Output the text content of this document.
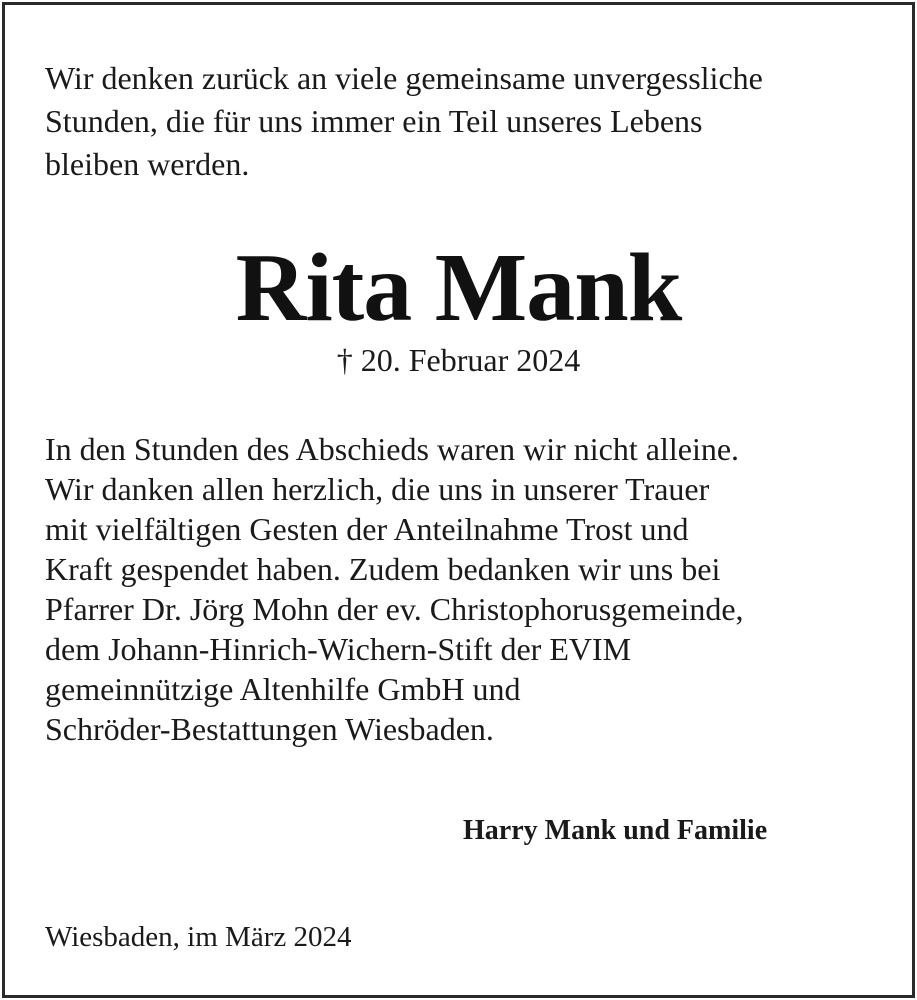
Wir denken zurück an viele gemeinsame unvergessliche
Stunden, die für uns immer ein Teil unseres Lebens
bleiben werden.

Rita Mank

† 20. Februar 2024

In den Stunden des Abschieds waren wir nicht alleine.
Wir danken allen herzlich, die uns in unserer Trauer
mit vielfältigen Gesten der Anteilnahme Trost und
Kraft gespendet haben. Zudem bedanken wir uns bei
Pfarrer Dr. Jörg Mohn der ev. Christophorusgemeinde,
dem Johann-Hinrich-Wichern-Stift der EVIM
gemeinnützige Altenhilfe GmbH und
Schröder-Bestattungen Wiesbaden.

Harry Mank und Familie

Wiesbaden, im März 2024
